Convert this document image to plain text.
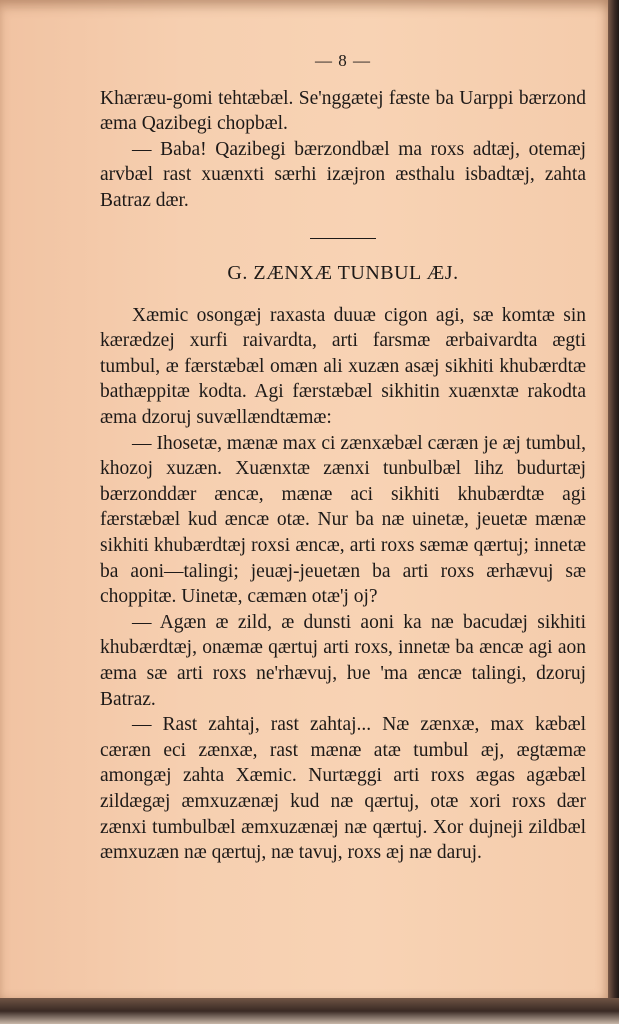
— 8 —

Khæræu-gomi tehtæbæl. Se'nggætej fæste ba Uarppi bærzond æma Qazibegi chopbæl.

— Baba! Qazibegi bærzondbæl ma roxs adtæj, otemæj arvbæl rast xuænxti særhi izæjron æsthalu isbadtæj, zahta Batraz dær.

G. ZÆNXÆ TUNBUL ÆJ.

Xæmic osongæj raxasta duuæ cigon agi, sæ komtæ sin kærædzej xurfi raivardta, arti farsmæ ærbaivardta ægti tumbul, æ færstæbæl omæn ali xuzæn asæj sikhiti khubærdtæ bathæppitæ kodta. Agi færstæbæl sikhitin xuænxtæ rakodta æma dzoruj suvællændtæmæ:

— Ihosetæ, mænæ max ci zænxæbæl cæræn je æj tumbul, khozoj xuzæn. Xuænxtæ zænxi tunbulbæl lihz budurtæj bærzonddær æncæ, mænæ aci sikhiti khubærdtæ agi færstæbæl kud æncæ otæ. Nur ba næ uinetæ, jeuetæ mænæ sikhiti khubærdtæj roxsi æncæ, arti roxs sæmæ qærtuj; innetæ ba aoni—talingi; jeuæj-jeuetæn ba arti roxs ærhævuj sæ choppitæ. Uinetæ, cæmæn otæ'j oj?

— Agæn æ zild, æ dunsti aoni ka næ bacudæj sikhiti khubærdtæj, onæmæ qærtuj arti roxs, innetæ ba æncæ agi aon æma sæ arti roxs ne'rhævuj, ƕe 'ma æncæ talingi, dzoruj Batraz.

— Rast zahtaj, rast zahtaj... Næ zænxæ, max kæbæl cæræn eci zænxæ, rast mænæ atæ tumbul æj, ægtæmæ amongæj zahta Xæmic. Nurtæggi arti roxs ægas agæbæl zildægæj æmxuzænæj kud næ qærtuj, otæ xori roxs dær zænxi tumbulbæl æmxuzænæj næ qærtuj. Xor dujneji zildbæl æmxuzæn næ qærtuj, næ tavuj, roxs æj næ daruj.
